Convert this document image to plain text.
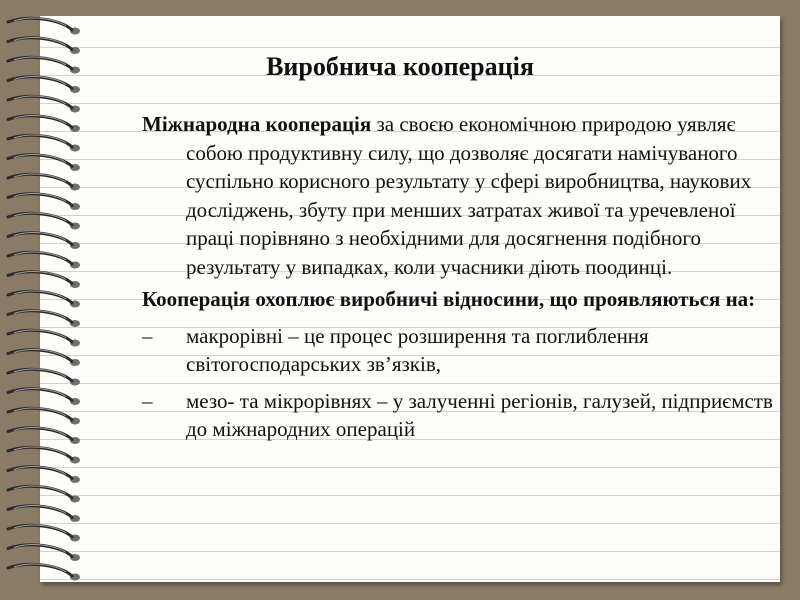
Виробнича кооперація

Міжнародна кооперація за своєю економічною природою уявляє собою продуктивну силу, що дозволяє досягати намічуваного суспільно корисного результату у сфері виробництва, наукових досліджень, збуту при менших затратах живої та уречевленої праці порівняно з необхідними для досягнення подібного результату у випадках, коли учасники діють поодинці.

Кооперація охоплює виробничі відносини, що проявляються на:

–	макрорівні – це процес розширення та поглиблення світогосподарських зв’язків,
–	мезо- та мікрорівнях – у залученні регіонів, галузей, підприємств до міжнародних операцій
